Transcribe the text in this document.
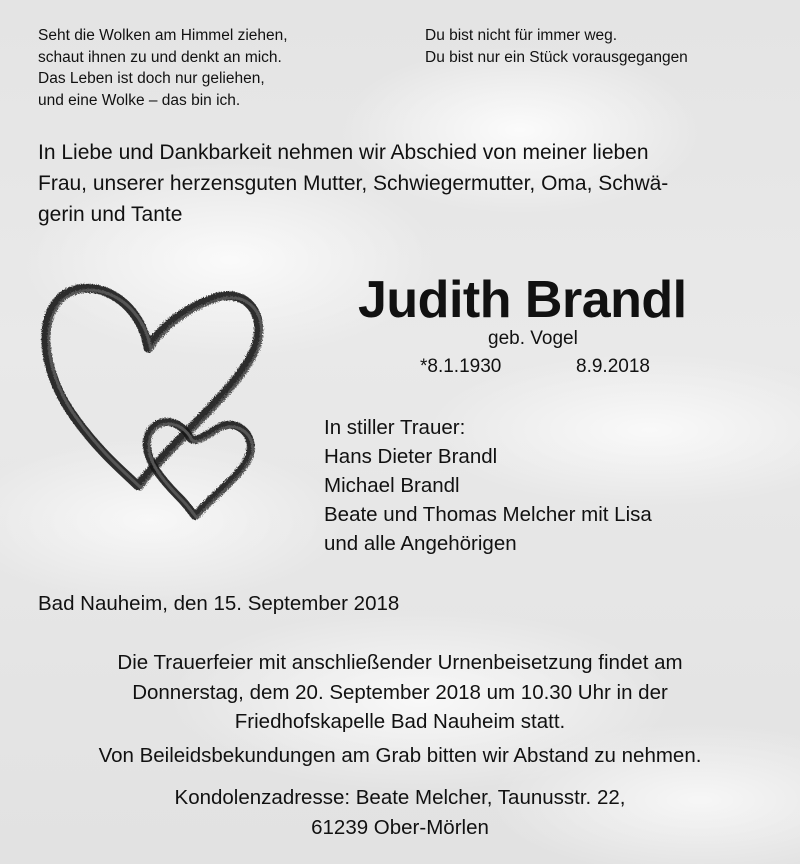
Seht die Wolken am Himmel ziehen,
schaut ihnen zu und denkt an mich.
Das Leben ist doch nur geliehen,
und eine Wolke – das bin ich.
Du bist nicht für immer weg.
Du bist nur ein Stück vorausgegangen
In Liebe und Dankbarkeit nehmen wir Abschied von meiner lieben
Frau, unserer herzensguten Mutter, Schwiegermutter, Oma, Schwä-
gerin und Tante
Judith Brandl
geb. Vogel
*8.1.1930	8.9.2018
In stiller Trauer:
Hans Dieter Brandl
Michael Brandl
Beate und Thomas Melcher mit Lisa
und alle Angehörigen
Bad Nauheim, den 15. September 2018
Die Trauerfeier mit anschließender Urnenbeisetzung findet am
Donnerstag, dem 20. September 2018 um 10.30 Uhr in der
Friedhofskapelle Bad Nauheim statt.
Von Beileidsbekundungen am Grab bitten wir Abstand zu nehmen.
Kondolenzadresse: Beate Melcher, Taunusstr. 22,
61239 Ober-Mörlen
